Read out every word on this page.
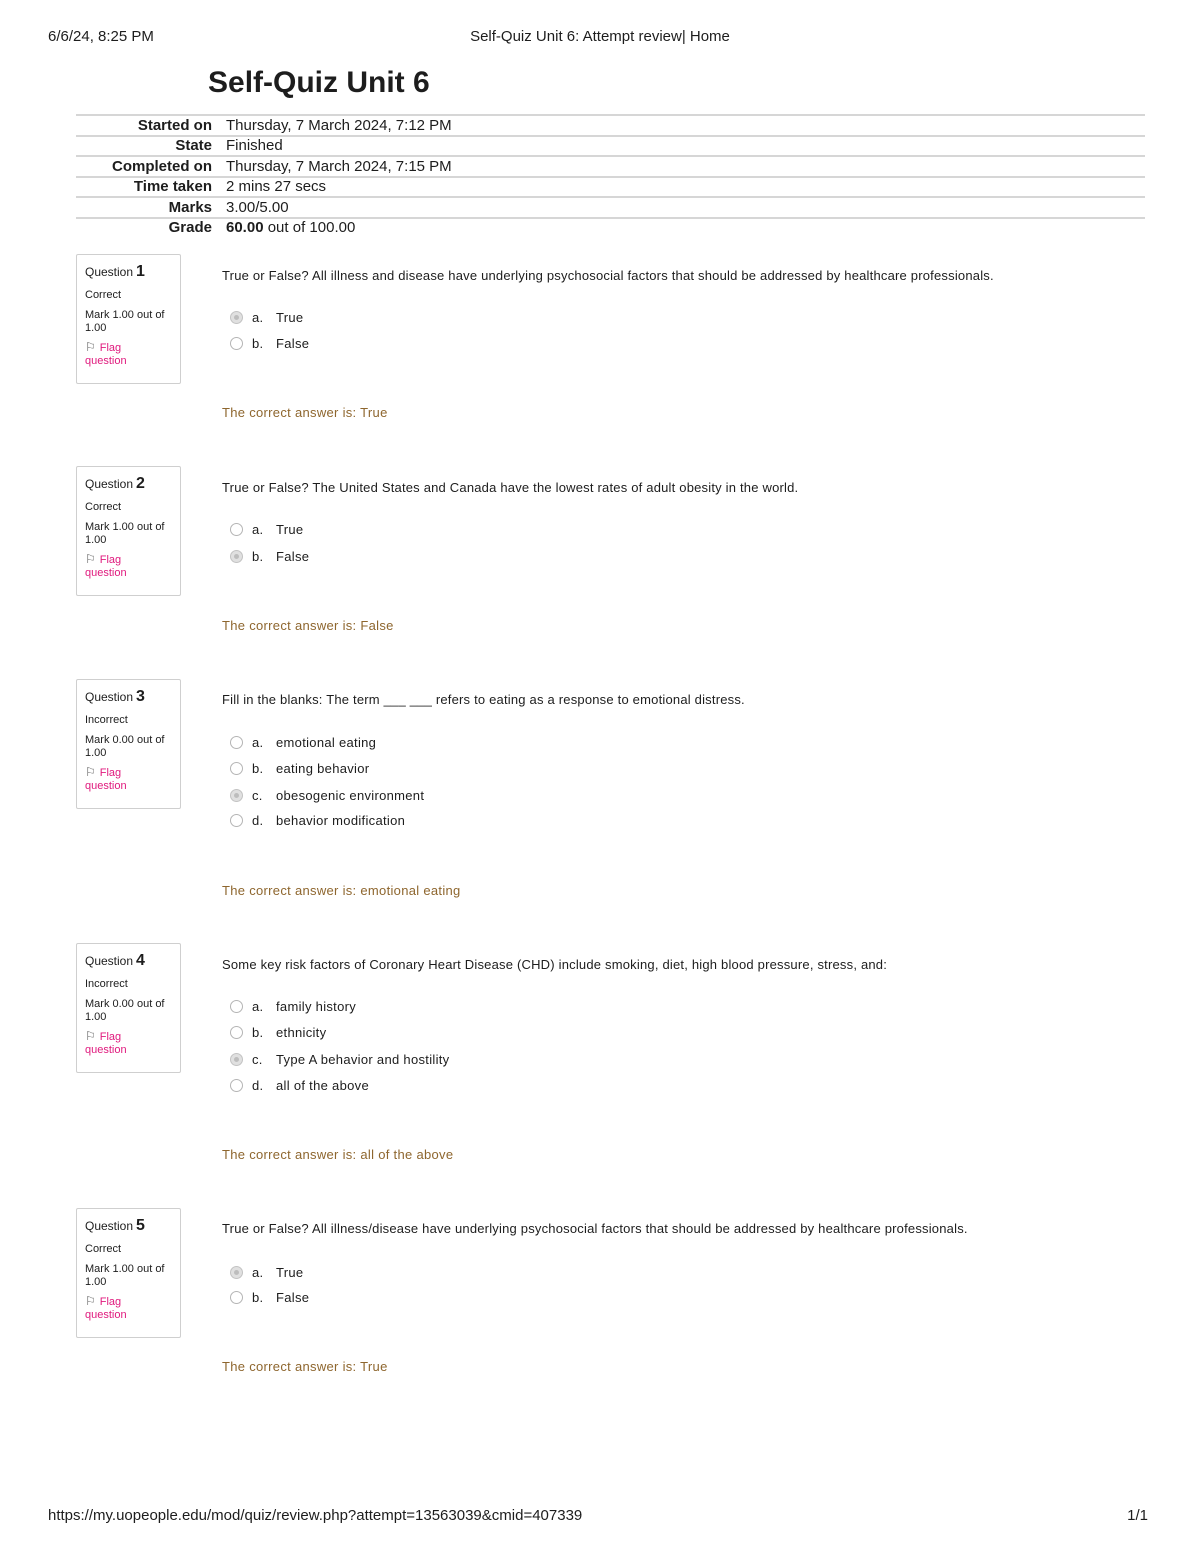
6/6/24, 8:25 PM	Self-Quiz Unit 6: Attempt review| Home
Self-Quiz Unit 6
Started on Thursday, 7 March 2024, 7:12 PM
State Finished
Completed on Thursday, 7 March 2024, 7:15 PM
Time taken 2 mins 27 secs
Marks 3.00/5.00
Grade 60.00 out of 100.00
Question 1
Correct
Mark 1.00 out of 1.00
⚐ Flag question
True or False? All illness and disease have underlying psychosocial factors that should be addressed by healthcare professionals.
a. True
b. False
The correct answer is: True
Question 2
Correct
Mark 1.00 out of 1.00
⚐ Flag question
True or False? The United States and Canada have the lowest rates of adult obesity in the world.
a. True
b. False
The correct answer is: False
Question 3
Incorrect
Mark 0.00 out of 1.00
⚐ Flag question
Fill in the blanks: The term ___ ___ refers to eating as a response to emotional distress.
a. emotional eating
b. eating behavior
c.	obesogenic environment
d. behavior modification
The correct answer is: emotional eating
Question 4
Incorrect
Mark 0.00 out of 1.00
⚐ Flag question
Some key risk factors of Coronary Heart Disease (CHD) include smoking, diet, high blood pressure, stress, and:
a. family history
b. ethnicity
c.	Type A behavior and hostility
d. all of the above
The correct answer is: all of the above
Question 5
Correct
Mark 1.00 out of 1.00
⚐ Flag question
True or False? All illness/disease have underlying psychosocial factors that should be addressed by healthcare professionals.
a. True
b. False
The correct answer is: True
https://my.uopeople.edu/mod/quiz/review.php?attempt=13563039&cmid=407339	1/1
